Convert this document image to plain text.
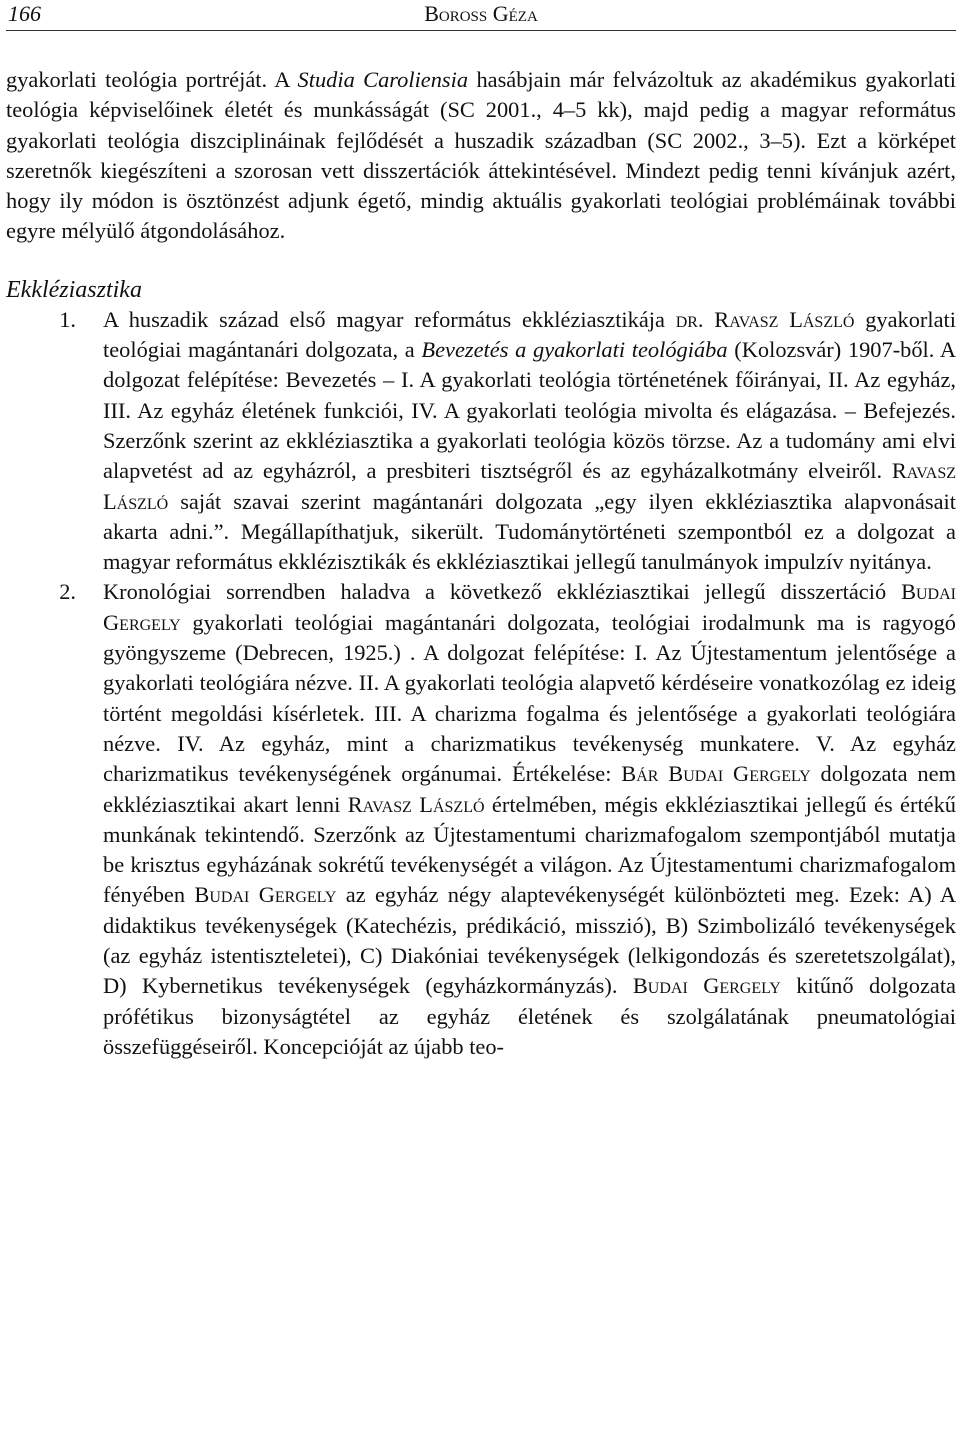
166	Boross Géza

gyakorlati teológia portréját. A Studia Caroliensia hasábjain már felvázoltuk az akadémikus gyakorlati teológia képviselőinek életét és munkásságát (SC 2001., 4–5 kk), majd pedig a magyar református gyakorlati teológia diszciplináinak fejlődését a huszadik században (SC 2002., 3–5). Ezt a körképet szeretnők kiegészíteni a szorosan vett disszertációk áttekintésével. Mindezt pedig tenni kívánjuk azért, hogy ily módon is ösztönzést adjunk égető, mindig aktuális gyakorlati teológiai problémáinak további egyre mélyülő átgondolásához.

Ekkléziasztika
1. A huszadik század első magyar református ekkléziasztikája dr. Ravasz László gyakorlati teológiai magántanári dolgozata, a Bevezetés a gyakorlati teológiába (Kolozsvár) 1907-ből. A dolgozat felépítése: Bevezetés – I. A gyakorlati teológia történetének főirányai, II. Az egyház, III. Az egyház életének funkciói, IV. A gyakorlati teológia mivolta és elágazása. – Befejezés. Szerzőnk szerint az ekkléziasztika a gyakorlati teológia közös törzse. Az a tudomány ami elvi alapvetést ad az egyházról, a presbiteri tisztségről és az egyházalkotmány elveiről. Ravasz László saját szavai szerint magántanári dolgozata „egy ilyen ekkléziasztika alapvonásait akarta adni.”. Megállapíthatjuk, sikerült. Tudománytörténeti szempontból ez a dolgozat a magyar református ekklézisztikák és ekkléziasztikai jellegű tanulmányok impulzív nyitánya.
2. Kronológiai sorrendben haladva a következő ekkléziasztikai jellegű disszertáció Budai Gergely gyakorlati teológiai magántanári dolgozata, teológiai irodalmunk ma is ragyogó gyöngyszeme (Debrecen, 1925.) . A dolgozat felépítése: I. Az Újtestamentum jelentősége a gyakorlati teológiára nézve. II. A gyakorlati teológia alapvető kérdéseire vonatkozólag ez ideig történt megoldási kísérletek. III. A charizma fogalma és jelentősége a gyakorlati teológiára nézve. IV. Az egyház, mint a charizmatikus tevékenység munkatere. V. Az egyház charizmatikus tevékenységének orgánumai. Értékelése: Bár Budai Gergely dolgozata nem ekkléziasztikai akart lenni Ravasz László értelmében, mégis ekkléziasztikai jellegű és értékű munkának tekintendő. Szerzőnk az Újtestamentumi charizmafogalom szempontjából mutatja be krisztus egyházának sokrétű tevékenységét a világon. Az Újtestamentumi charizmafogalom fényében Budai Gergely az egyház négy alaptevékenységét különbözteti meg. Ezek: A) A didaktikus tevékenységek (Katechézis, prédikáció, misszió), B) Szimbolizáló tevékenységek (az egyház istentiszteletei), C) Diakóniai tevékenységek (lelkigondozás és szeretetszolgálat), D) Kybernetikus tevékenységek (egyházkormányzás). Budai Gergely kitűnő dolgozata prófétikus bizonyságtétel az egyház életének és szolgálatának pneumatológiai összefüggéseiről. Koncepcióját az újabb teo-
